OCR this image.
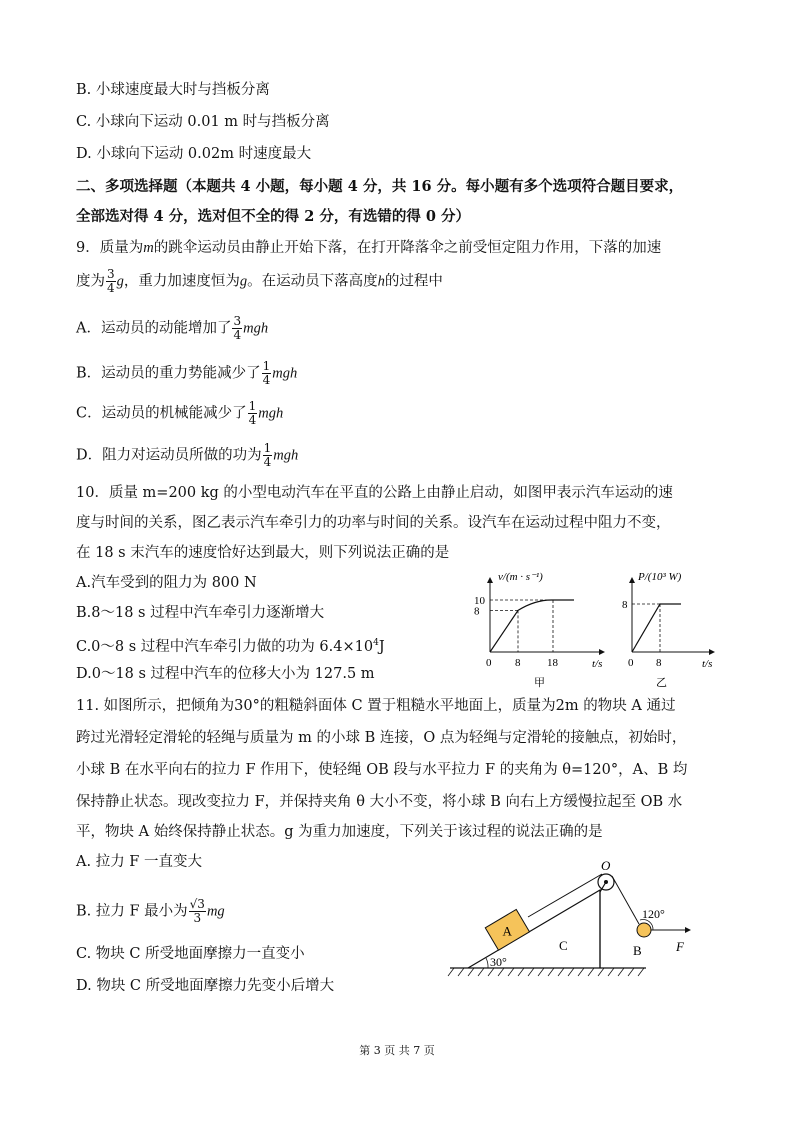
B. 小球速度最大时与挡板分离
C. 小球向下运动 0.01 m 时与挡板分离
D. 小球向下运动 0.02m 时速度最大
二、多项选择题（本题共 4 小题，每小题 4 分，共 16 分。每小题有多个选项符合题目要求，
全部选对得 4 分，选对但不全的得 2 分，有选错的得 0 分）
9．质量为m的跳伞运动员由静止开始下落，在打开降落伞之前受恒定阻力作用，下落的加速
度为 $\frac{3}{4}$ g，重力加速度恒为g。在运动员下落高度h的过程中
A．运动员的动能增加了 $\frac{3}{4}$ mgh
B．运动员的重力势能减少了 $\frac{1}{4}$ mgh
C．运动员的机械能减少了 $\frac{1}{4}$ mgh
D．阻力对运动员所做的功为 $\frac{1}{4}$ mgh
10．质量 m=200 kg 的小型电动汽车在平直的公路上由静止启动，如图甲表示汽车运动的速
度与时间的关系，图乙表示汽车牵引力的功率与时间的关系。设汽车在运动过程中阻力不变，
在 18 s 末汽车的速度恰好达到最大，则下列说法正确的是
A.汽车受到的阻力为 800 N
B.8～18 s 过程中汽车牵引力逐渐增大
C.0～8 s 过程中汽车牵引力做的功为 $6.4\times 10^4J$
D.0～18 s 过程中汽车的位移大小为 127.5 m
10
8
0 8 18
v/(m · s⁻¹)
t/s
甲
8
0 8
P/(10³ W)
t/s
乙
11. 如图所示，把倾角为30°的粗糙斜面体 C 置于粗糙水平地面上，质量为2m 的物块 A 通过
跨过光滑轻定滑轮的轻绳与质量为 m 的小球 B 连接，O 点为轻绳与定滑轮的接触点，初始时，
小球 B 在水平向右的拉力 F 作用下，使轻绳 OB 段与水平拉力 F 的夹角为 θ=120°，A、B 均
保持静止状态。现改变拉力 F，并保持夹角 θ 大小不变，将小球 B 向右上方缓慢拉起至 OB 水
平，物块 A 始终保持静止状态。g 为重力加速度，下列关于该过程的说法正确的是
A. 拉力 F 一直变大
B. 拉力 F 最小为 $\frac{√3}{3}$ mg
C. 物块 C 所受地面摩擦力一直变小
D. 物块 C 所受地面摩擦力先变小后增大
30°
C
A
O
B	F
120°
第 3 页 共 7 页
